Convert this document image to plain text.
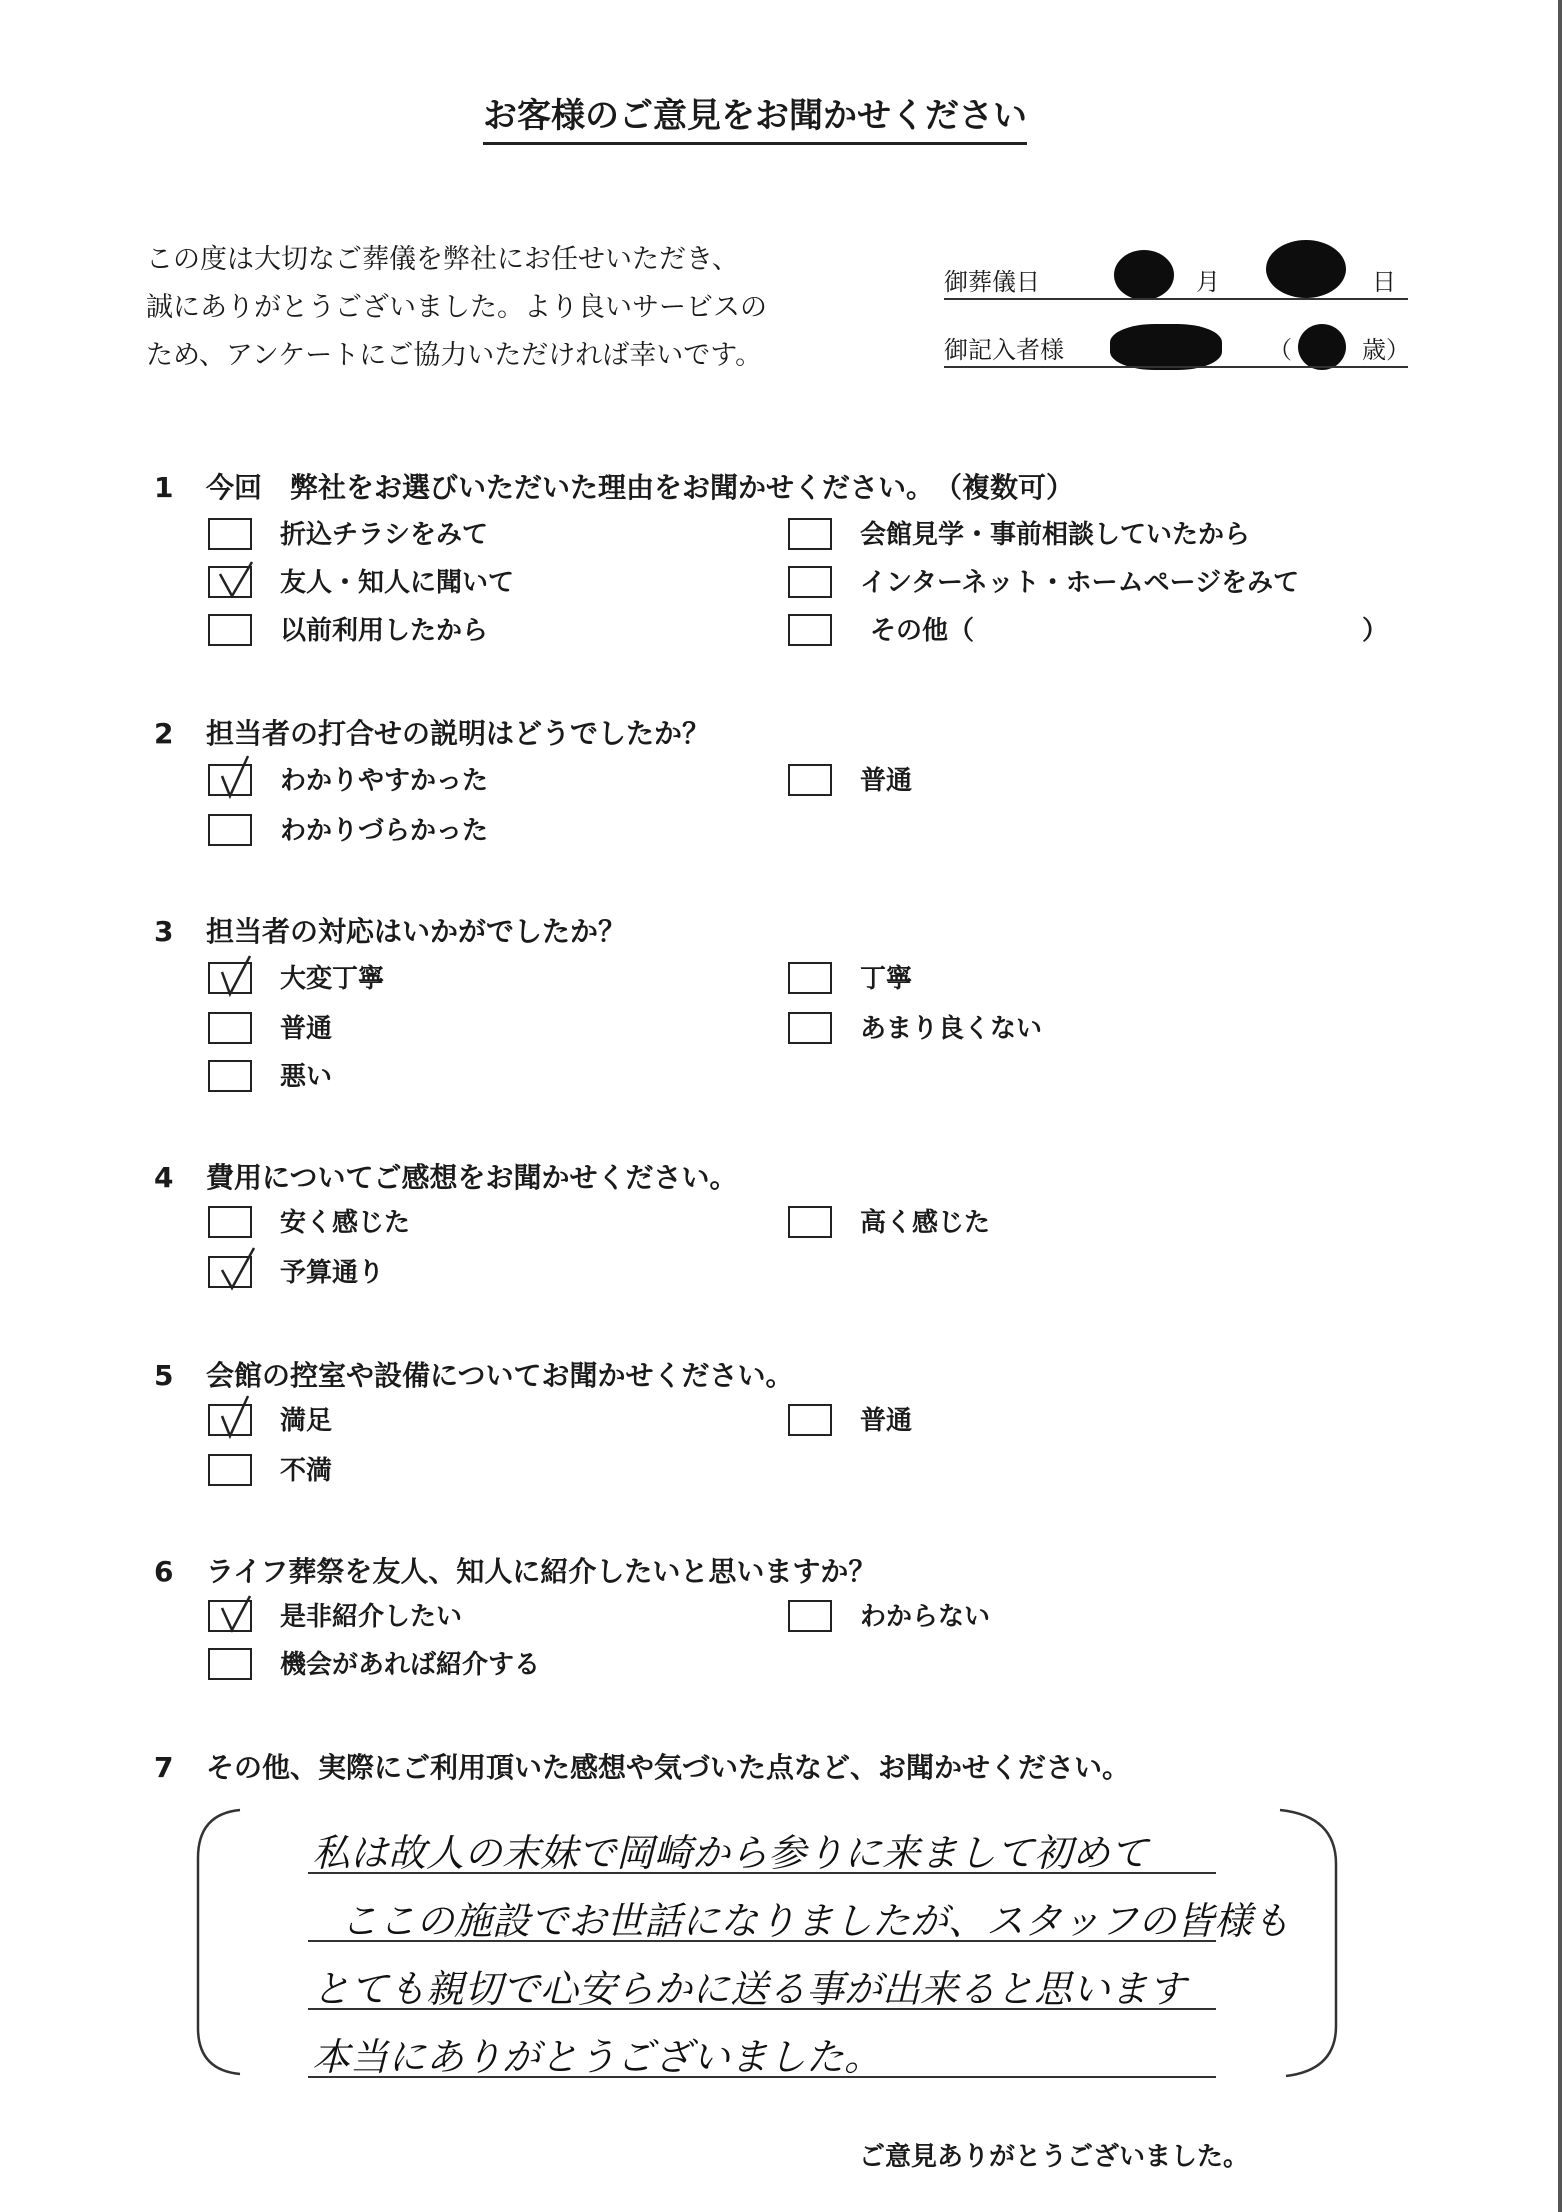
お客様のご意見をお聞かせください
この度は大切なご葬儀を弊社にお任せいただき、
誠にありがとうございました。より良いサービスの
ため、アンケートにご協力いただければ幸いです。
御葬儀日	月	日
御記入者様	（	歳）
1 今回　弊社をお選びいただいた理由をお聞かせください。　（複数可）
折込チラシをみて	会館見学・事前相談していたから
友人・知人に聞いて	インターネット・ホームページをみて
以前利用したから	その他（	）
2 担当者の打合せの説明はどうでしたか？
わかりやすかった	普通
わかりづらかった
3 担当者の対応はいかがでしたか？
大変丁寧	丁寧
普通	あまり良くない
悪い
4 費用についてご感想をお聞かせください。
安く感じた	高く感じた
予算通り
5 会館の控室や設備についてお聞かせください。
満足	普通
不満
6 ライフ葬祭を友人、知人に紹介したいと思いますか？
是非紹介したい	わからない
機会があれば紹介する
7 その他、実際にご利用頂いた感想や気づいた点など、お聞かせください。
私は故人の末妹で岡崎から参りに来まして初めて
ここの施設でお世話になりましたが、スタッフの皆様も
とても親切で心安らかに送る事が出来ると思います
本当にありがとうございました。
ご意見ありがとうございました。
